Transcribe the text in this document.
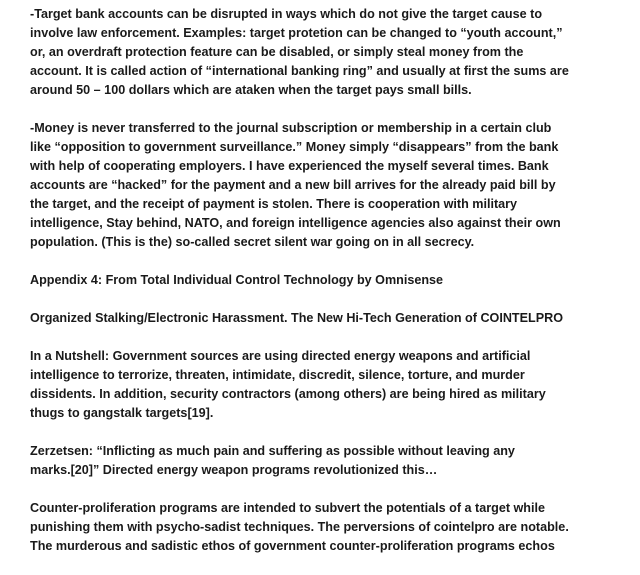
-Target bank accounts can be disrupted in ways which do not give the target cause to
involve law enforcement. Examples: target protetion can be changed to “youth account,”
or, an overdraft protection feature can be disabled, or simply steal money from the
account. It is called action of “international banking ring” and usually at first the sums are
around 50 – 100 dollars which are ataken when the target pays small bills.

-Money is never transferred to the journal subscription or membership in a certain club
like “opposition to government surveillance.” Money simply “disappears” from the bank
with help of cooperating employers. I have experienced the myself several times. Bank
accounts are “hacked” for the payment and a new bill arrives for the already paid bill by
the target, and the receipt of payment is stolen. There is cooperation with military
intelligence, Stay behind, NATO, and foreign intelligence agencies also against their own
population. (This is the) so-called secret silent war going on in all secrecy.

Appendix 4: From Total Individual Control Technology by Omnisense

Organized Stalking/Electronic Harassment. The New Hi-Tech Generation of COINTELPRO

In a Nutshell: Government sources are using directed energy weapons and artificial
intelligence to terrorize, threaten, intimidate, discredit, silence, torture, and murder
dissidents. In addition, security contractors (among others) are being hired as military
thugs to gangstalk targets[19].

Zerzetsen: “Inflicting as much pain and suffering as possible without leaving any
marks.[20]” Directed energy weapon programs revolutionized this…

Counter-proliferation programs are intended to subvert the potentials of a target while
punishing them with psycho-sadist techniques. The perversions of cointelpro are notable.
The murderous and sadistic ethos of government counter-proliferation programs echos
